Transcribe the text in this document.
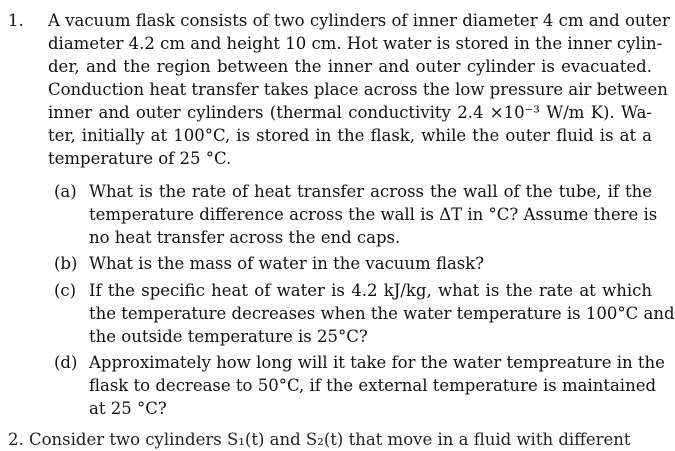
1. A vacuum flask consists of two cylinders of inner diameter 4 cm and outer
diameter 4.2 cm and height 10 cm. Hot water is stored in the inner cylin-
der, and the region between the inner and outer cylinder is evacuated.
Conduction heat transfer takes place across the low pressure air between
inner and outer cylinders (thermal conductivity 2.4 ×10⁻³ W/m K). Wa-
ter, initially at 100°C, is stored in the flask, while the outer fluid is at a
temperature of 25 °C.
(a) What is the rate of heat transfer across the wall of the tube, if the
temperature difference across the wall is ΔT in °C? Assume there is
no heat transfer across the end caps.
(b) What is the mass of water in the vacuum flask?
(c) If the specific heat of water is 4.2 kJ/kg, what is the rate at which
the temperature decreases when the water temperature is 100°C and
the outside temperature is 25°C?
(d) Approximately how long will it take for the water tempreature in the
flask to decrease to 50°C, if the external temperature is maintained
at 25 °C?
2. Consider two cylinders S₁(t) and S₂(t) that move in a fluid with different
